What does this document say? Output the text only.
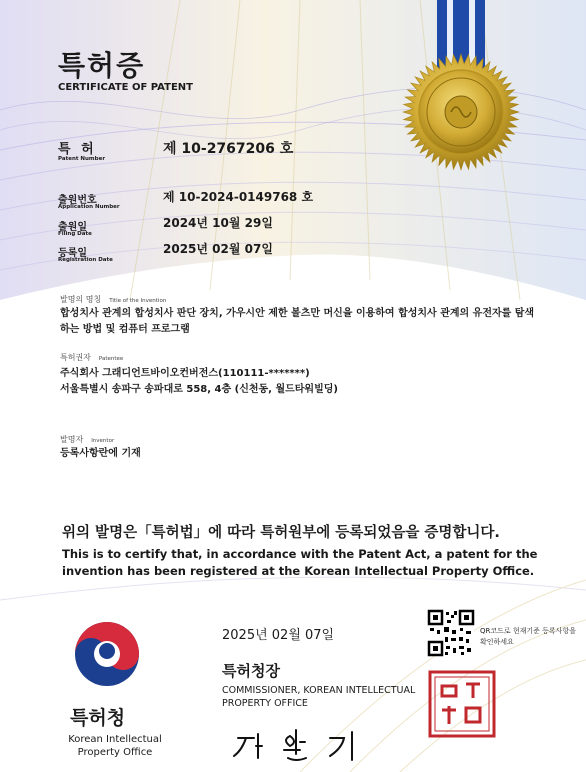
특허증
CERTIFICATE OF PATENT
특 허
Patent Number
제 10-2767206 호
출원번호
Application Number
제 10-2024-0149768 호
출원일
Filing Date
2024년 10월 29일
등록일
Registration Date
2025년 02월 07일
발명의 명칭 Title of the Invention
합성치사 관계의 합성치사 판단 장치, 가우시안 제한 볼츠만 머신을 이용하여 합성치사 관계의 유전자를 탐색하는 방법 및 컴퓨터 프로그램
특허권자 Patentee
주식회사 그래디언트바이오컨버전스(110111-*******)
서울특별시 송파구 송파대로 558, 4층 (신천동, 월드타워빌딩)
발명자 Inventor
등록사항란에 기재
위의 발명은「특허법」에 따라 특허원부에 등록되었음을 증명합니다.
This is to certify that, in accordance with the Patent Act, a patent for the invention has been registered at the Korean Intellectual Property Office.
2025년 02월 07일	QR코드로 현재기준 등록사항을 확인하세요
특허청장
COMMISSIONER, KOREAN INTELLECTUAL PROPERTY OFFICE
특허청
Korean Intellectual Property Office
